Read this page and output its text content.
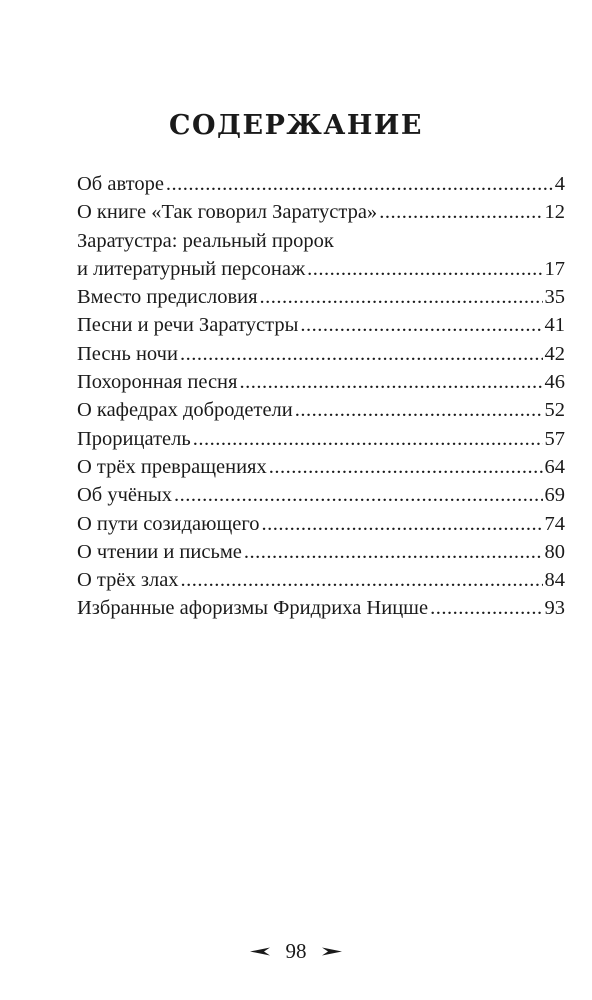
СОДЕРЖАНИЕ
Об авторе .....	4
О книге «Так говорил Заратустра» .....	12
Заратустра: реальный пророк
и литературный персонаж .....	17
Вместо предисловия .....	35
Песни и речи Заратустры .....	41
Песнь ночи .....	42
Похоронная песня .....	46
О кафедрах добродетели .....	52
Прорицатель .....	57
О трёх превращениях .....	64
Об учёных .....	69
О пути созидающего .....	74
О чтении и письме .....	80
О трёх злах .....	84
Избранные афоризмы Фридриха Ницше .....	93
98
